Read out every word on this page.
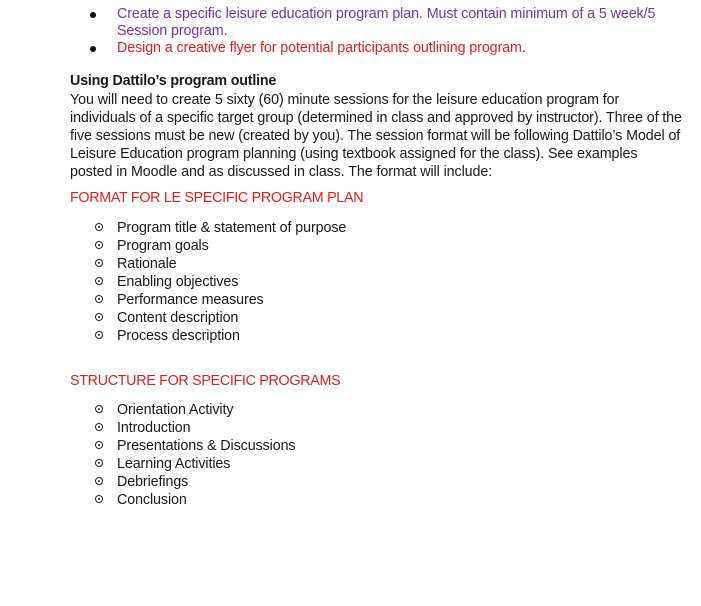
Create a specific leisure education program plan. Must contain minimum of a 5 week/5 Session program.
Design a creative flyer for potential participants outlining program.
Using Dattilo’s program outline

You will need to create 5 sixty (60) minute sessions for the leisure education program for individuals of a specific target group (determined in class and approved by instructor). Three of the five sessions must be new (created by you). The session format will be following Dattilo’s Model of Leisure Education program planning (using textbook assigned for the class). See examples posted in Moodle and as discussed in class. The format will include:

FORMAT FOR LE SPECIFIC PROGRAM PLAN
Program title & statement of purpose
Program goals
Rationale
Enabling objectives
Performance measures
Content description
Process description
STRUCTURE FOR SPECIFIC PROGRAMS
Orientation Activity
Introduction
Presentations & Discussions
Learning Activities
Debriefings
Conclusion
